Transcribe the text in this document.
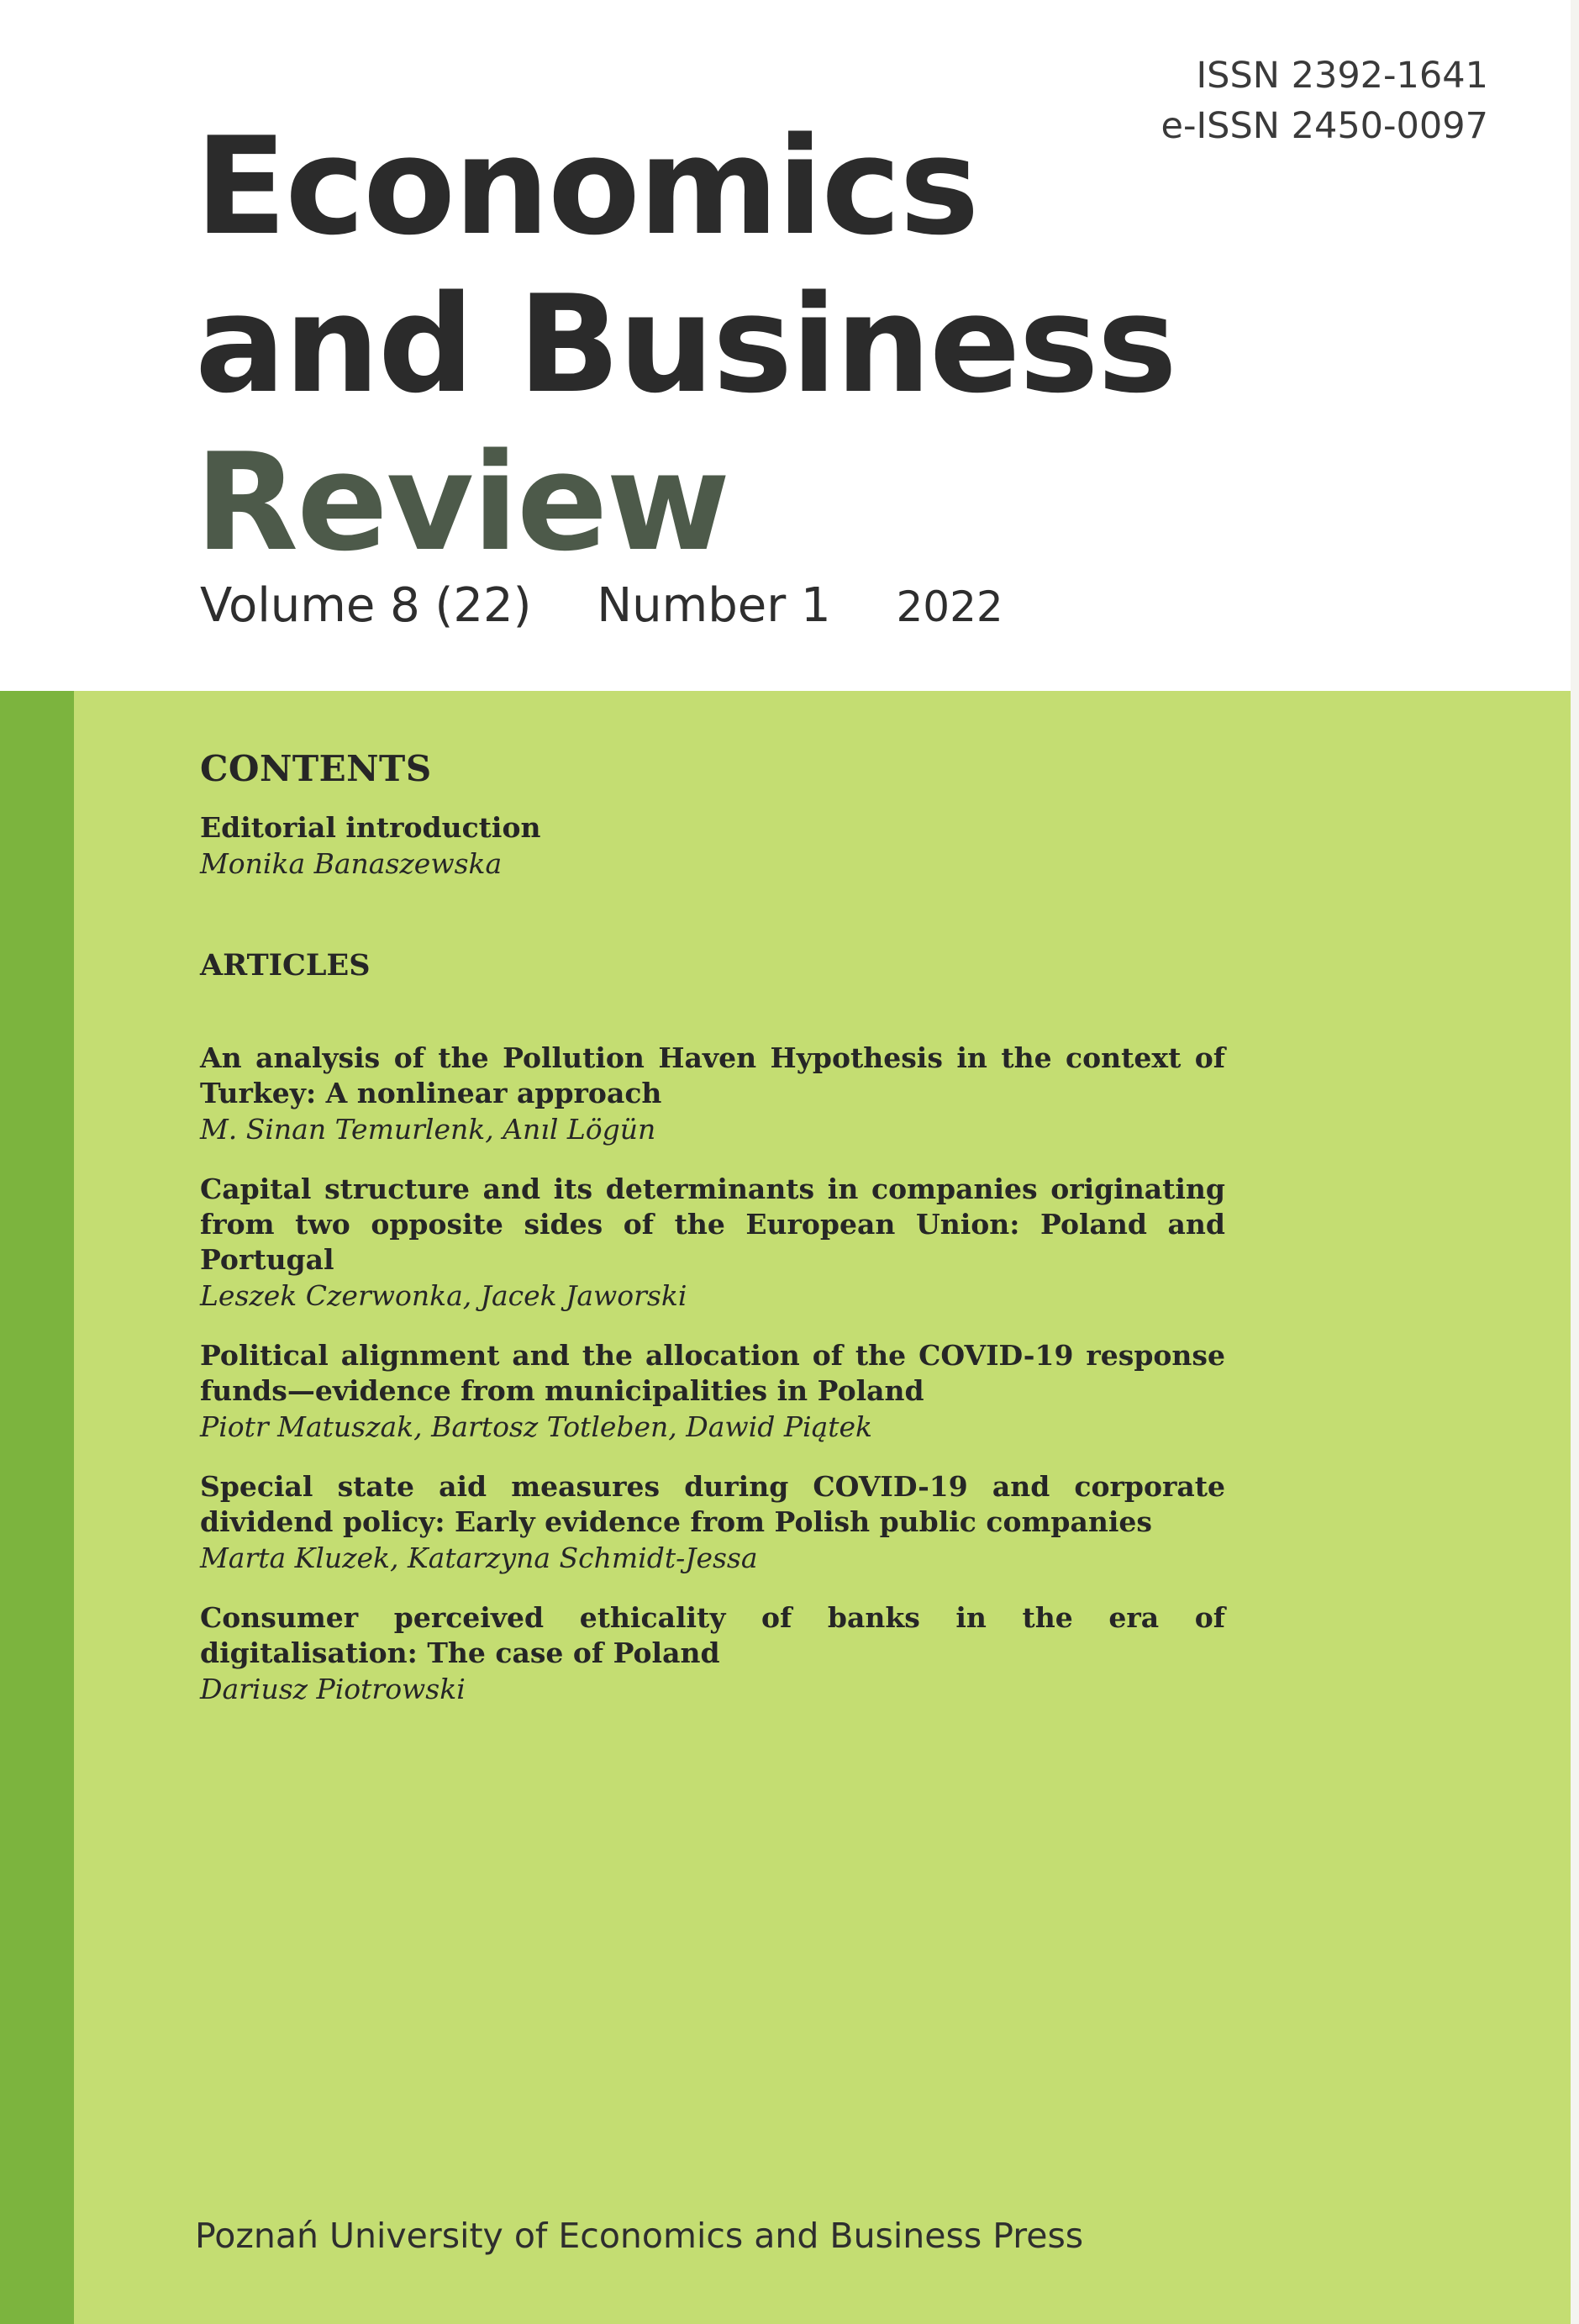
ISSN 2392-1641
e-ISSN 2450-0097
Economics
and Business
Review
Volume 8 (22) Number 1 2022
CONTENTS
Editorial introduction
Monika Banaszewska
ARTICLES
An analysis of the Pollution Haven Hypothesis in the context of Turkey: A nonlinear approach
M. Sinan Temurlenk, Anıl Lögün
Capital structure and its determinants in companies originating from two opposite sides of the European Union: Poland and Portugal
Leszek Czerwonka, Jacek Jaworski
Political alignment and the allocation of the COVID-19 response funds—evidence from municipalities in Poland
Piotr Matuszak, Bartosz Totleben, Dawid Piątek
Special state aid measures during COVID-19 and corporate dividend policy: Early evidence from Polish public companies
Marta Kluzek, Katarzyna Schmidt-Jessa
Consumer perceived ethicality of banks in the era of digitalisation: The case of Poland
Dariusz Piotrowski
Poznań University of Economics and Business Press
